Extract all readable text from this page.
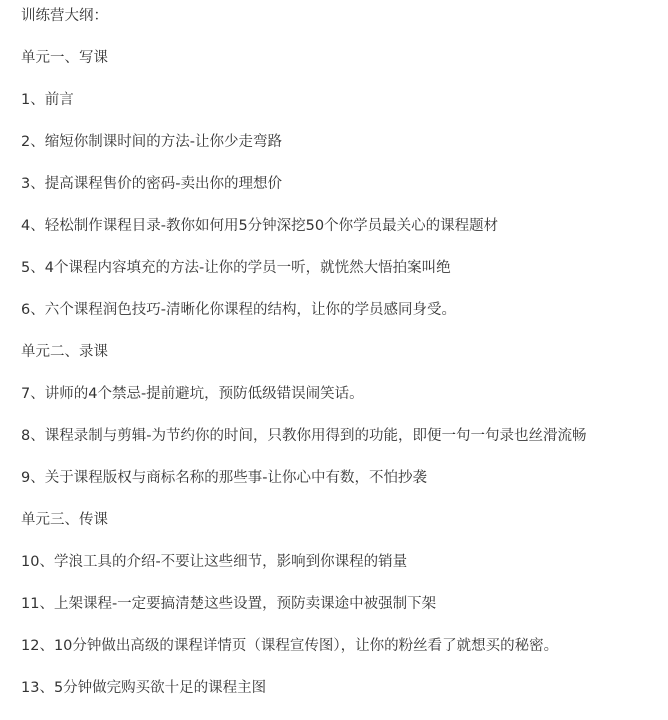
训练营大纲：
单元一、写课
1、前言
2、缩短你制课时间的方法-让你少走弯路
3、提高课程售价的密码-卖出你的理想价
4、轻松制作课程目录-教你如何用5分钟深挖50个你学员最关心的课程题材
5、4个课程内容填充的方法-让你的学员一听，就恍然大悟拍案叫绝
6、六个课程润色技巧-清晰化你课程的结构，让你的学员感同身受。
单元二、录课
7、讲师的4个禁忌-提前避坑，预防低级错误闹笑话。
8、课程录制与剪辑-为节约你的时间，只教你用得到的功能，即便一句一句录也丝滑流畅
9、关于课程版权与商标名称的那些事-让你心中有数，不怕抄袭
单元三、传课
10、学浪工具的介绍-不要让这些细节，影响到你课程的销量
11、上架课程-一定要搞清楚这些设置，预防卖课途中被强制下架
12、10分钟做出高级的课程详情页（课程宣传图），让你的粉丝看了就想买的秘密。
13、5分钟做完购买欲十足的课程主图
